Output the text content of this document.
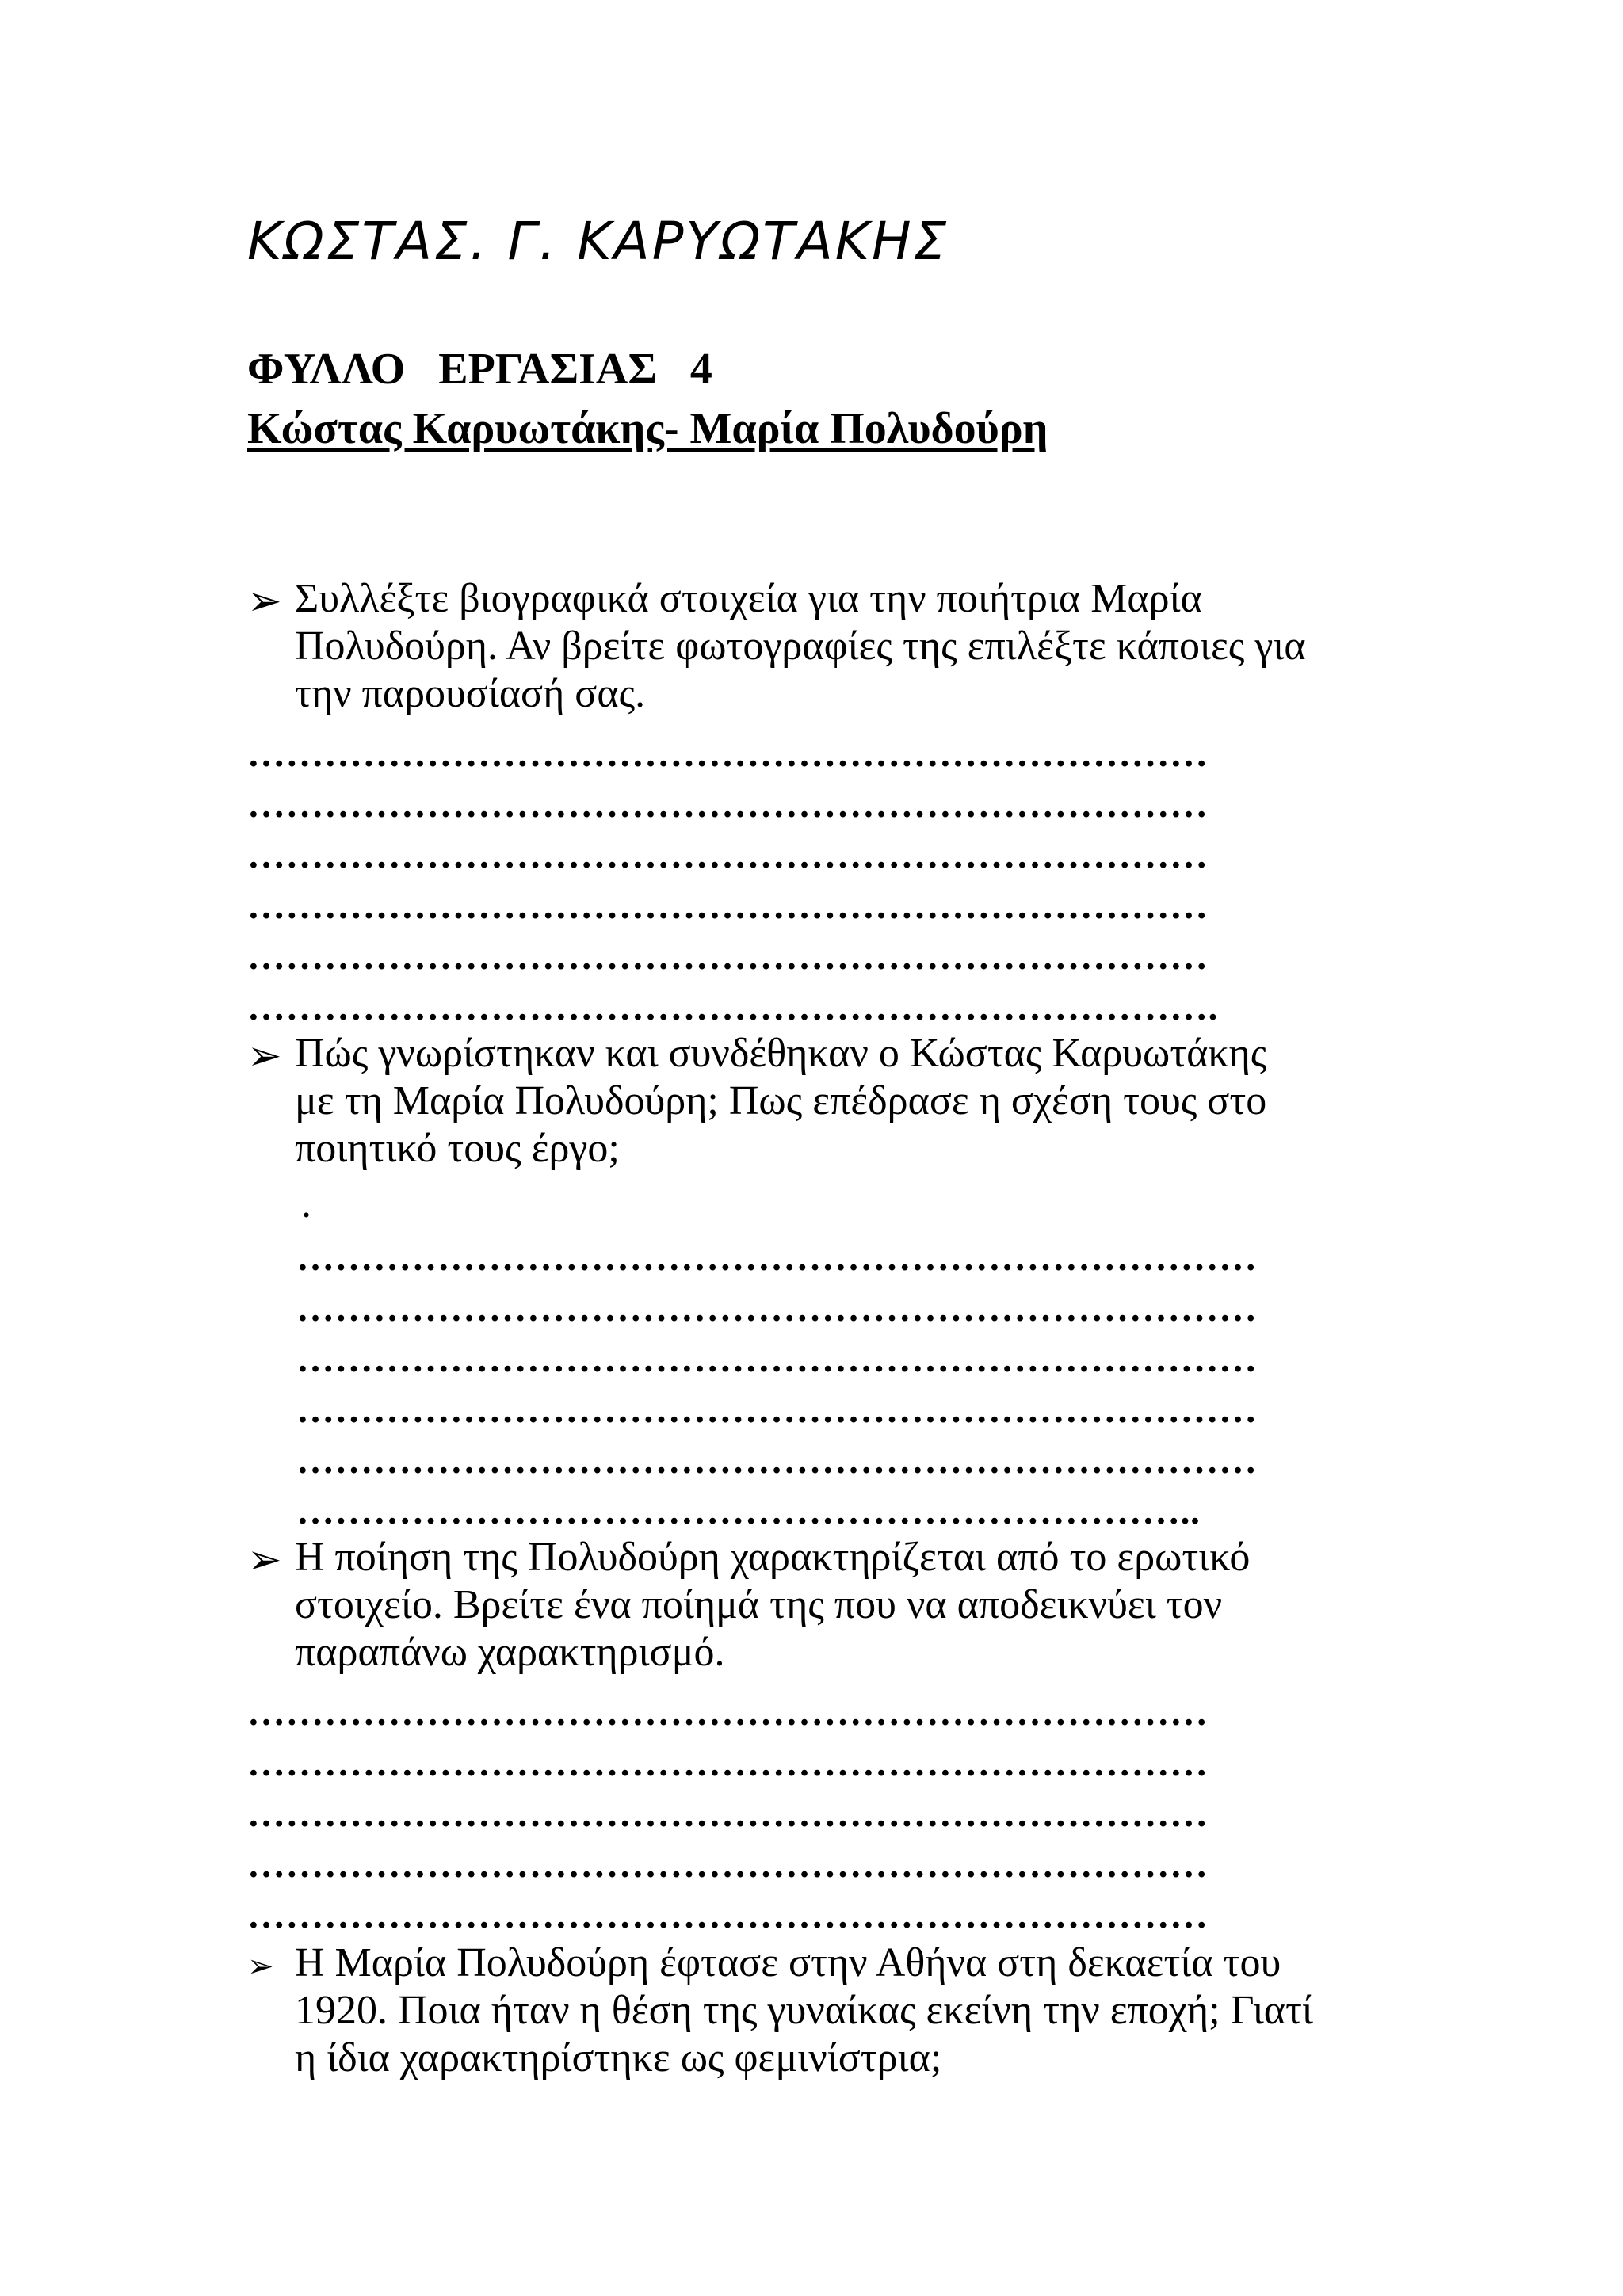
ΚΩΣΤΑΣ. Γ. ΚΑΡΥΩΤΑΚΗΣ
ΦΥΛΛΟ   ΕΡΓΑΣΙΑΣ   4
Κώστας Καρυωτάκης- Μαρία Πολυδούρη
➢ Συλλέξτε βιογραφικά στοιχεία για την ποιήτρια Μαρία
Πολυδούρη. Αν βρείτε φωτογραφίες της επιλέξτε κάποιες για
την παρουσίασή σας.
…………………………………………………………………
…………………………………………………………………
…………………………………………………………………
…………………………………………………………………
…………………………………………………………………
………………………………………………………………….
➢ Πώς γνωρίστηκαν και συνδέθηκαν ο Κώστας Καρυωτάκης
με τη Μαρία Πολυδούρη; Πως επέδρασε η σχέση τους στο
ποιητικό τους έργο;
.
…………………………………………………………………
…………………………………………………………………
…………………………………………………………………
…………………………………………………………………
…………………………………………………………………
……………………………………………………………..
➢ Η ποίηση της Πολυδούρη χαρακτηρίζεται από το ερωτικό
στοιχείο. Βρείτε ένα ποίημά της που να αποδεικνύει τον
παραπάνω χαρακτηρισμό.
…………………………………………………………………
…………………………………………………………………
…………………………………………………………………
…………………………………………………………………
…………………………………………………………………
➢ Η Μαρία Πολυδούρη έφτασε στην Αθήνα στη δεκαετία του
1920. Ποια ήταν η θέση της γυναίκας εκείνη την εποχή; Γιατί
η ίδια χαρακτηρίστηκε ως φεμινίστρια;
